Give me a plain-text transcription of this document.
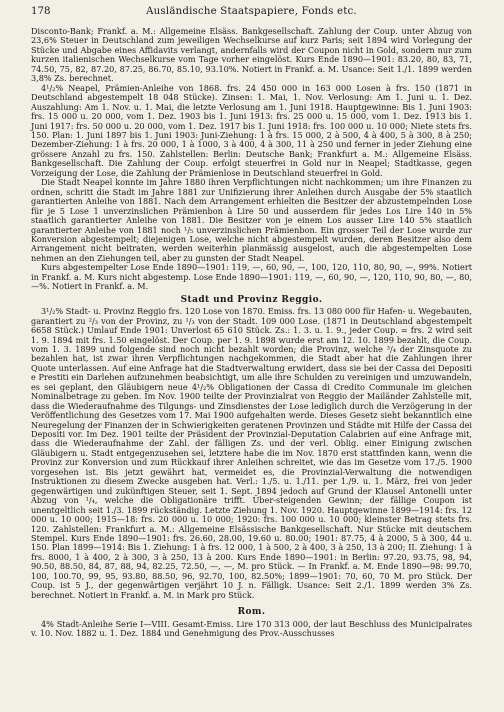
178	Ausländische Staatspapiere, Fonds etc.

Disconto-Bank; Frankf. a. M.: Allgemeine Elsäss. Bankgesellschaft. Zahlung der Coup. unter Abzug von 23,6% Steuer in Deutschland zum jeweiligen Wechselkurse auf kurz Paris; seit 1894 wird Vorlegung der Stücke und Abgabe eines Affidavits verlangt, andernfalls wird der Coupon nicht in Gold, sondern nur zum kurzen italienischen Wechselkurse vom Tage vorher eingelöst. Kurs Ende 1890—1901: 83.20, 80, 83, 71, 74.50, 75, 82, 87.20, 87.25, 86.70, 85.10, 93.10%. Notiert in Frankf. a. M. Usance: Seit 1./1. 1899 werden 3,8% Zs. berechnet.

4¹/₂% Neapel, Prämien-Anleihe von 1868. frs. 24 450 000 in 163 000 Losen à frs. 150 (1871 in Deutschland abgestempelt 18 048 Stücke). Zinsen: 1. Mai, 1. Nov. Verlosung: Am 1. Juni u. 1. Dez. Auszahlung: Am 1. Nov. u. 1. Mai, die letzte Verlosung am 1. Juni 1918. Hauptgewinne: Bis 1. Juni 1903: frs. 15 000 u. 20 000, vom 1. Dez. 1903 bis 1. Juni 1913: frs. 25 000 u. 15 000, vom 1. Dez. 1913 bis 1. Juni 1917: frs. 50 000 u. 20 000, vom 1. Dez. 1917 bis 1. Juni 1918: frs. 100 000 u. 10 000; Niete stets frs. 150. Plan: 1. Juni 1897 bis 1. Juni 1903: Juni-Ziehung: 1 à frs. 15 000, 2 à 500, 4 à 400, 5 à 300, 8 à 250; Dezember-Ziehung: 1 à frs. 20 000, 1 à 1000, 3 à 400, 4 à 300, 11 à 250 und ferner in jeder Ziehung eine grössere Anzahl zu frs. 150. Zahlstellen: Berlin: Deutsche Bank; Frankfurt a. M.: Allgemeine Elsäss. Bankgesellschaft. Die Zahlung der Coup. erfolgt steuerfrei in Gold nur in Neapel; Stadtkasse, gegen Vorzeigung der Lose, die Zahlung der Prämienlose in Deutschland steuerfrei in Gold.

Die Stadt Neapel konnte im Jahre 1880 ihren Verpflichtungen nicht nachkommen; um ihre Finanzen zu ordnen, schritt die Stadt im Jahre 1881 zur Unifizierung ihrer Anleihen durch Ausgabe der 5% staatlich garantierten Anleihe von 1881. Nach dem Arrangement erhielten die Besitzer der abzustempelnden Lose für je 5 Lose 1 unverzinslichen Prämienbon à Lire 50 und ausserdem für jedes Los Lire 140 in 5% staatlich garantierter Anleihe von 1881. Die Besitzer von je einem Los ausser Lire 140 5% staatlich garantierter Anleihe von 1881 noch ¹/₅ unverzinslichen Prämienbon. Ein grosser Teil der Lose wurde zur Konversion abgestempelt; diejenigen Lose, welche nicht abgestempelt wurden, deren Besitzer also dem Arrangement nicht beitraten, werden weiterhin planmässig ausgelost, auch die abgestempelten Lose nehmen an den Ziehungen teil, aber zu gunsten der Stadt Neapel.

Kurs abgestempelter Lose Ende 1890—1901: 119, —, 60, 90, —, 100, 120, 110, 80, 90, —, 99%. Notiert in Frankf. a. M. Kurs nicht abgestemp. Lose Ende 1890—1901: 119, —, 60, 90, —, 120, 110, 90, 80, —, 80, —%. Notiert in Frankf. a. M.

Stadt und Provinz Reggio.

3¹/₂% Stadt- u. Provinz Reggio frs. 120 Lose von 1870. Emiss. frs. 13 080 000 für Hafen- u. Wegebauten, garantiert zu ²/₃ von der Provinz, zu ¹/₃ von der Stadt. 109 000 Lose. (1871 in Deutschland abgestempelt 6658 Stück.) Umlauf Ende 1901: Unverlost 65 610 Stück. Zs.: 1. 3. u. 1. 9., jeder Coup. = frs. 2 wird seit 1. 9. 1894 mit frs. 1.50 eingelöst. Der Coup. per 1. 9. 1898 wurde erst am 12. 10. 1899 bezahlt, die Coup. vom 1. 3. 1899 und folgende sind noch nicht bezahlt worden; die Provinz, welche ³/₄ der Zinsquote zu bezahlen hat, ist zwar ihren Verpflichtungen nachgekommen, die Stadt aber hat die Zahlungen ihrer Quote unterlassen. Auf eine Anfrage hat die Stadtverwaltung erwidert, dass sie bei der Cassa dei Depositi e Prestiti ein Darlehen aufzunehmen beabsichtigt, um alle ihre Schulden zu vereinigen und umzuwandeln, es sei geplant, den Gläubigern neue 4¹/₂% Obligationen der Cassa di Credito Communale im gleichen Nominalbetrage zu geben. Im Nov. 1900 teilte der Provinzialrat von Reggio der Mailänder Zahlstelle mit, dass die Wiederaufnahme des Tilgungs- und Zinsdienstes der Lose lediglich durch die Verzögerung in der Veröffentlichung des Gesetzes vom 17. Mai 1900 aufgehalten werde. Dieses Gesetz sieht bekanntlich eine Neuregelung der Finanzen der in Schwierigkeiten geratenen Provinzen und Städte mit Hilfe der Cassa dei Depositi vor. Im Dez. 1901 teilte der Präsident der Provinzial-Deputation Calabrien auf eine Anfrage mit, dass die Wiederaufnahme der Zahl. der fälligen Zs. und der verl. Oblig. einer Einigung zwischen Gläubigern u. Stadt entgegenzusehen sei, letztere habe die im Nov. 1870 erst stattfinden kann, wenn die Provinz zur Konversion und zum Rückkauf ihrer Anleihen schreitet, wie das im Gesetze vom 17./5. 1900 vorgesehen ist. Bis jetzt gewährt hat, vermeidet es, die Provinzial-Verwaltung die notwendigen Instruktionen zu diesem Zwecke ausgeben hat. Verl.: 1./5. u. 1./11. per 1./9. u. 1. März, frei von jeder gegenwärtigen und zukünftigen Steuer, seit 1. Sept. 1894 jedoch auf Grund der Klausel Antonelli unter Abzug von ¹/₄, welche die Obligationäre trifft. Über-steigenden Gewinn; der fällige Coupon ist unentgeltlich seit 1./3. 1899 rückständig. Letzte Ziehung 1. Nov. 1920. Hauptgewinne 1899—1914: frs. 12 000 u. 10 000; 1915—18: frs. 20 000 u. 10 000; 1920: frs. 100 000 u. 10 000; kleinster Betrag stets frs. 120. Zahlstellen: Frankfurt a. M.: Allgemeine Elsässische Bankgesellschaft. Nur Stücke mit deutschem Stempel. Kurs Ende 1890—1901: frs. 26.60, 28.00, 19.60 u. 80.00; 1901: 87.75, 4 à 2000, 5 à 300, 44 u. 150. Plan 1899—1914: Bis 1. Ziehung: 1 à frs. 12 000, 1 à 500, 2 à 400, 3 à 250, 13 à 200; II. Ziehung: 1 à frs. 8000, 1 à 400, 2 à 300, 3 à 250, 13 à 200. Kurs Ende 1890—1901: in Berlin: 97.20, 93.75, 98, 94, 90.50, 88.50, 84, 87, 88, 94, 82.25, 72.50, —, —, M. pro Stück. — In Frankf. a. M. Ende 1890—98: 99.70, 100, 100.70, 99, 95, 93.80, 88.50, 96, 92.70, 100, 82.50%; 1899—1901: 70, 60, 70 M. pro Stück. Der Coup. ist 5 J., der gegenwärtigen verjährt 10 J. n. Fälligk. Usance: Seit 2./1. 1899 werden 3% Zs. berechnet. Notiert in Frankf. a. M. in Mark pro Stück.

Rom.

4% Stadt-Anleihe Serie I—VIII. Gesamt-Emiss. Lire 170 313 000, der laut Beschluss des Municipalrates v. 10. Nov. 1882 u. 1. Dez. 1884 und Genehmigung des Prov.-Ausschusses
